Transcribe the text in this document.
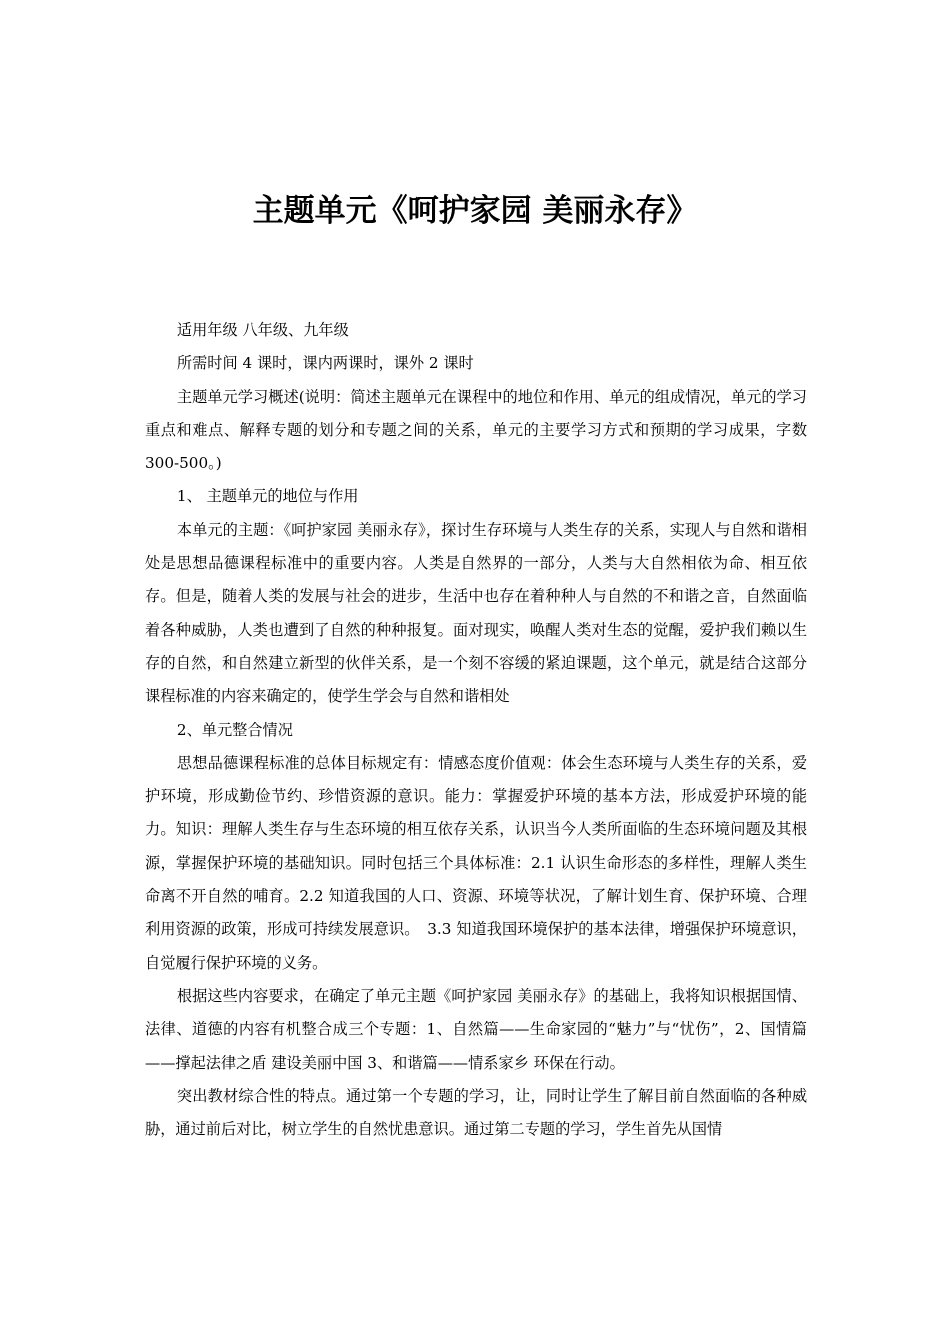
主题单元《呵护家园 美丽永存》

适用年级 八年级、九年级

所需时间 4 课时，课内两课时，课外 2 课时

主题单元学习概述(说明：简述主题单元在课程中的地位和作用、单元的组成情况，单元的学习重点和难点、解释专题的划分和专题之间的关系，单元的主要学习方式和预期的学习成果，字数 300-500。)

1、 主题单元的地位与作用

本单元的主题：《呵护家园 美丽永存》，探讨生存环境与人类生存的关系，实现人与自然和谐相处是思想品德课程标准中的重要内容。人类是自然界的一部分，人类与大自然相依为命、相互依存。但是，随着人类的发展与社会的进步，生活中也存在着种种人与自然的不和谐之音，自然面临着各种威胁，人类也遭到了自然的种种报复。面对现实，唤醒人类对生态的觉醒，爱护我们赖以生存的自然，和自然建立新型的伙伴关系，是一个刻不容缓的紧迫课题，这个单元，就是结合这部分课程标准的内容来确定的，使学生学会与自然和谐相处

2、单元整合情况

思想品德课程标准的总体目标规定有：情感态度价值观：体会生态环境与人类生存的关系，爱护环境，形成勤俭节约、珍惜资源的意识。能力：掌握爱护环境的基本方法，形成爱护环境的能力。知识：理解人类生存与生态环境的相互依存关系，认识当今人类所面临的生态环境问题及其根源，掌握保护环境的基础知识。同时包括三个具体标准：2.1 认识生命形态的多样性，理解人类生命离不开自然的哺育。2.2 知道我国的人口、资源、环境等状况，了解计划生育、保护环境、合理利用资源的政策，形成可持续发展意识。　3.3 知道我国环境保护的基本法律，增强保护环境意识，自觉履行保护环境的义务。

根据这些内容要求，在确定了单元主题《呵护家园 美丽永存》的基础上，我将知识根据国情、法律、道德的内容有机整合成三个专题：1、自然篇——生命家园的“魅力”与“忧伤”，2、国情篇——撑起法律之盾 建设美丽中国 3、和谐篇——情系家乡 环保在行动。

突出教材综合性的特点。通过第一个专题的学习，让，同时让学生了解目前自然面临的各种威胁，通过前后对比，树立学生的自然忧患意识。通过第二专题的学习，学生首先从国情
